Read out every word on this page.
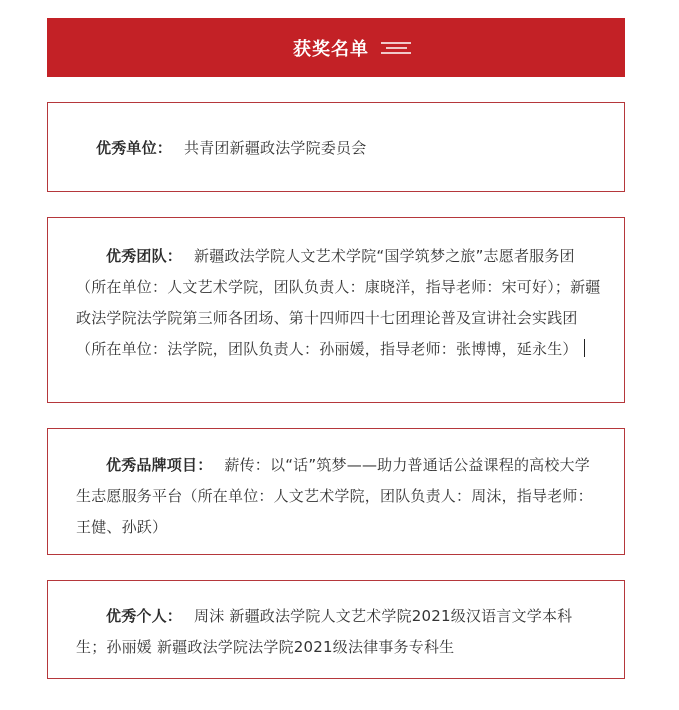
获奖名单

优秀单位： 共青团新疆政法学院委员会

优秀团队： 新疆政法学院人文艺术学院“国学筑梦之旅”志愿者服务团（所在单位：人文艺术学院，团队负责人：康晓洋，指导老师：宋可好）；新疆政法学院法学院第三师各团场、第十四师四十七团理论普及宣讲社会实践团（所在单位：法学院，团队负责人：孙丽媛，指导老师：张博博，延永生）

优秀品牌项目： 薪传：以“话”筑梦——助力普通话公益课程的高校大学生志愿服务平台（所在单位：人文艺术学院，团队负责人：周沫，指导老师：王健、孙跃）

优秀个人： 周沫 新疆政法学院人文艺术学院2021级汉语言文学本科生；孙丽媛 新疆政法学院法学院2021级法律事务专科生
